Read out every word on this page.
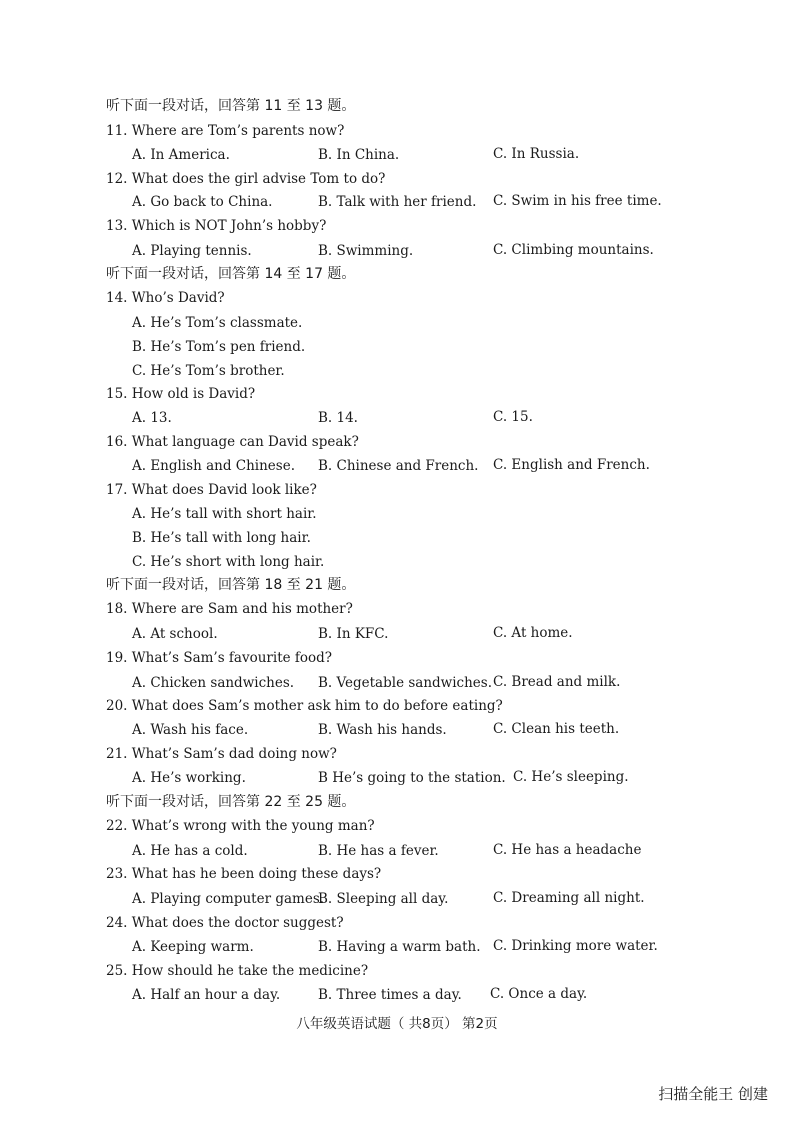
听下面一段对话，回答第 11 至 13 题。
11. Where are Tom’s parents now?
A. In America.	B. In China.	C. In Russia.
12. What does the girl advise Tom to do?
A. Go back to China.	B. Talk with her friend. C. Swim in his free time.
13. Which is NOT John’s hobby?
A. Playing tennis.	B. Swimming.	C. Climbing mountains.
听下面一段对话，回答第 14 至 17 题。
14. Who’s David?
A. He’s Tom’s classmate.
B. He’s Tom’s pen friend.
C. He’s Tom’s brother.
15. How old is David?
A. 13.	B. 14.	C. 15.
16. What language can David speak?
A. English and Chinese. B. Chinese and French. C. English and French.
17. What does David look like?
A. He’s tall with short hair.
B. He’s tall with long hair.
C. He’s short with long hair.
听下面一段对话，回答第 18 至 21 题。
18. Where are Sam and his mother?
A. At school.	B. In KFC.	C. At home.
19. What’s Sam’s favourite food?
A. Chicken sandwiches. B. Vegetable sandwiches. C. Bread and milk.
20. What does Sam’s mother ask him to do before eating?
A. Wash his face.	B. Wash his hands.	C. Clean his teeth.
21. What’s Sam’s dad doing now?
A. He’s working.	B He’s going to the station. C. He’s sleeping.
听下面一段对话，回答第 22 至 25 题。
22. What’s wrong with the young man?
A. He has a cold.	B. He has a fever.	C. He has a headache
23. What has he been doing these days?
A. Playing computer games.
B. Sleeping all day.	C. Dreaming all night.
24. What does the doctor suggest?
A. Keeping warm.	B. Having a warm bath. C. Drinking more water.
25. How should he take the medicine?
A. Half an hour a day.	B. Three times a day. C. Once a day.
八年级英语试题（ 共8页） 第2页
扫描全能王 创建
